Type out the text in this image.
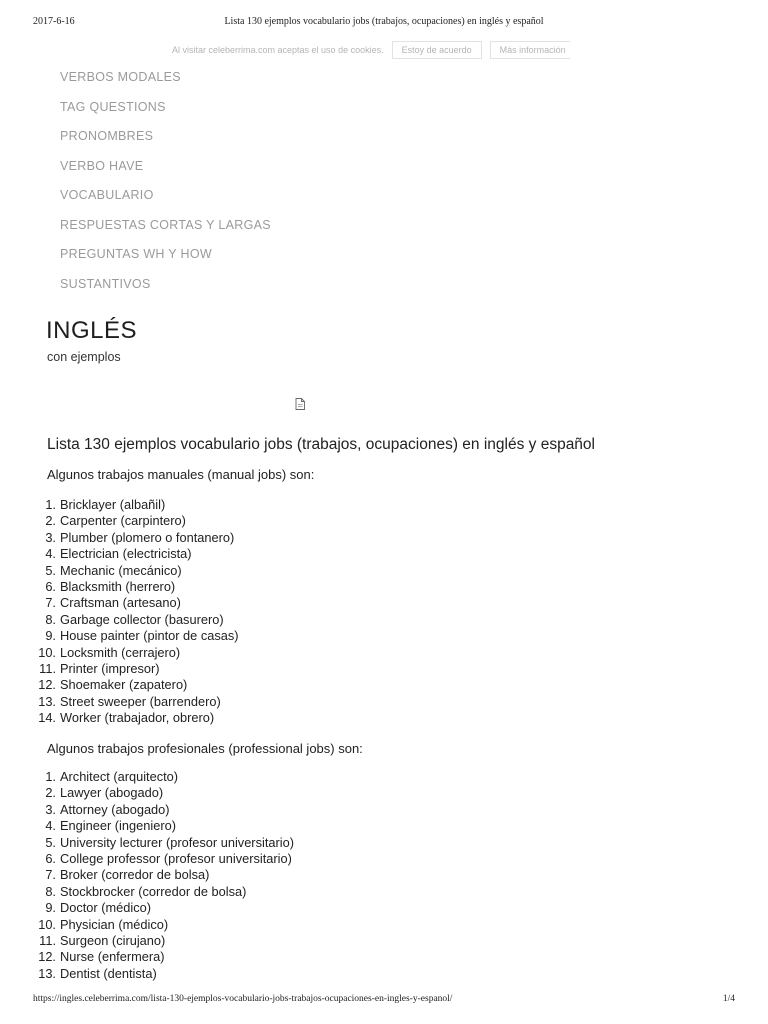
2017-6-16	Lista 130 ejemplos vocabulario jobs (trabajos, ocupaciones) en inglés y español
Al visitar celeberrima.com aceptas el uso de cookies.	Estoy de acuerdo	Más información
VERBOS MODALES
TAG QUESTIONS
PRONOMBRES
VERBO HAVE
VOCABULARIO
RESPUESTAS CORTAS Y LARGAS
PREGUNTAS WH Y HOW
SUSTANTIVOS
INGLÉS
con ejemplos
Lista 130 ejemplos vocabulario jobs (trabajos, ocupaciones) en inglés y español
Algunos trabajos manuales (manual jobs) son:
1. Bricklayer (albañil)
2. Carpenter (carpintero)
3. Plumber (plomero o fontanero)
4. Electrician (electricista)
5. Mechanic (mecánico)
6. Blacksmith (herrero)
7. Craftsman (artesano)
8. Garbage collector (basurero)
9. House painter (pintor de casas)
10. Locksmith (cerrajero)
11. Printer (impresor)
12. Shoemaker (zapatero)
13. Street sweeper (barrendero)
14. Worker (trabajador, obrero)
Algunos trabajos profesionales (professional jobs) son:
1. Architect (arquitecto)
2. Lawyer (abogado)
3. Attorney (abogado)
4. Engineer (ingeniero)
5. University lecturer (profesor universitario)
6. College professor (profesor universitario)
7. Broker (corredor de bolsa)
8. Stockbrocker (corredor de bolsa)
9. Doctor (médico)
10. Physician (médico)
11. Surgeon (cirujano)
12. Nurse (enfermera)
13. Dentist (dentista)
https://ingles.celeberrima.com/lista-130-ejemplos-vocabulario-jobs-trabajos-ocupaciones-en-ingles-y-espanol/	1/4
